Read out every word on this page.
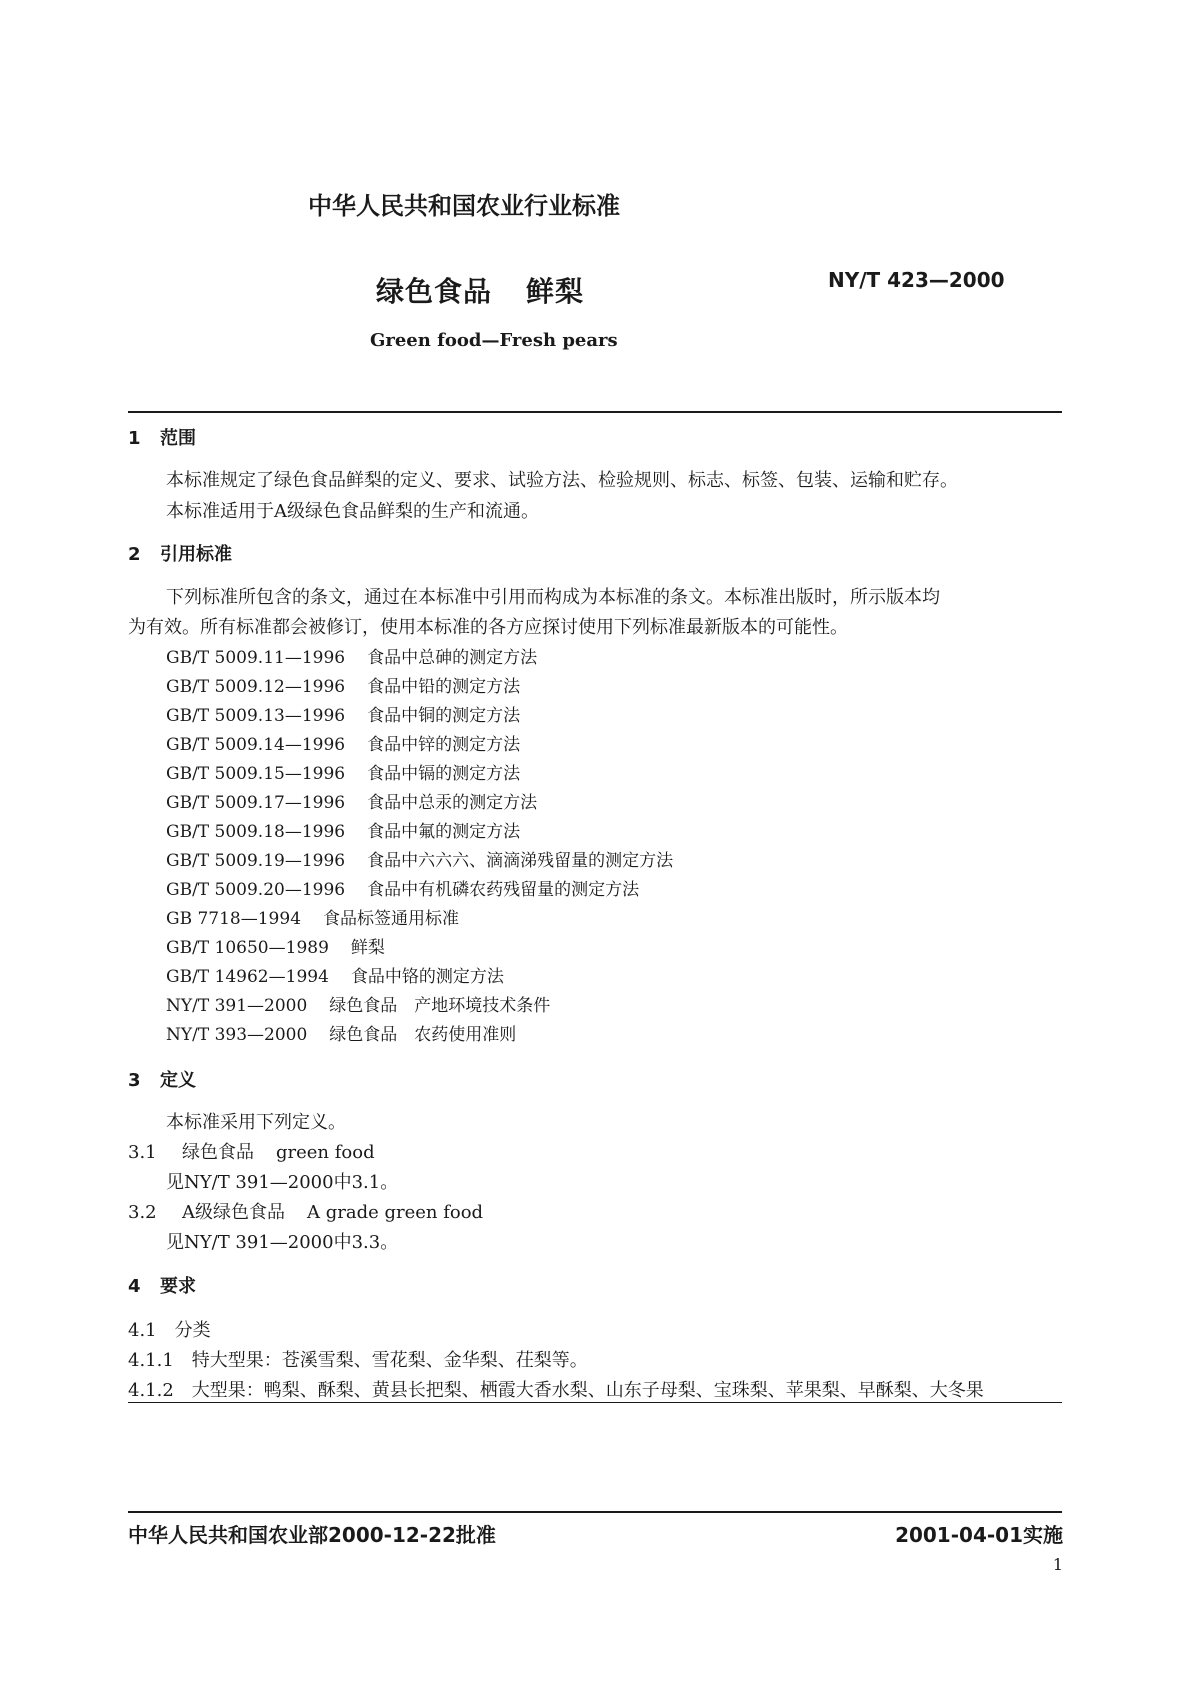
中华人民共和国农业行业标准
绿色食品 鲜梨	NY/T 423—2000
Green food—Fresh pears
1 范围
本标准规定了绿色食品鲜梨的定义、要求、试验方法、检验规则、标志、标签、包装、运输和贮存。
本标准适用于A级绿色食品鲜梨的生产和流通。
2 引用标准
下列标准所包含的条文，通过在本标准中引用而构成为本标准的条文。本标准出版时，所示版本均
为有效。所有标准都会被修订，使用本标准的各方应探讨使用下列标准最新版本的可能性。
GB/T 5009.11—1996 食品中总砷的测定方法
GB/T 5009.12—1996 食品中铅的测定方法
GB/T 5009.13—1996 食品中铜的测定方法
GB/T 5009.14—1996 食品中锌的测定方法
GB/T 5009.15—1996 食品中镉的测定方法
GB/T 5009.17—1996 食品中总汞的测定方法
GB/T 5009.18—1996 食品中氟的测定方法
GB/T 5009.19—1996 食品中六六六、滴滴涕残留量的测定方法
GB/T 5009.20—1996 食品中有机磷农药残留量的测定方法
GB 7718—1994 食品标签通用标准
GB/T 10650—1989 鲜梨
GB/T 14962—1994 食品中铬的测定方法
NY/T 391—2000 绿色食品　产地环境技术条件
NY/T 393—2000 绿色食品　农药使用准则
3 定义
本标准采用下列定义。
3.1 绿色食品 green food
见NY/T 391—2000中3.1。
3.2 A级绿色食品 A grade green food
见NY/T 391—2000中3.3。
4 要求
4.1　分类
4.1.1　特大型果：苍溪雪梨、雪花梨、金华梨、茌梨等。
4.1.2　大型果：鸭梨、酥梨、黄县长把梨、栖霞大香水梨、山东子母梨、宝珠梨、苹果梨、早酥梨、大冬果
中华人民共和国农业部2000-12-22批准	2001-04-01实施
1
